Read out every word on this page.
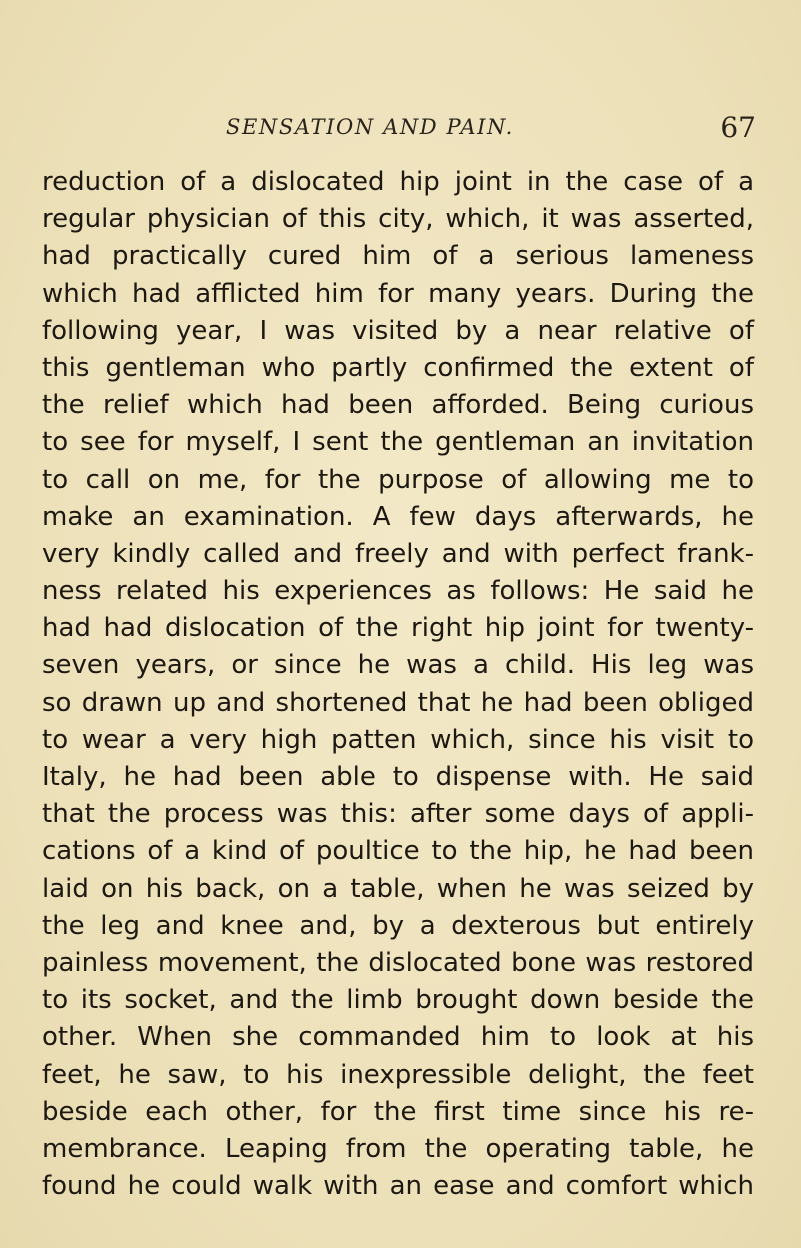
SENSATION AND PAIN.	67
reduction of a dislocated hip joint in the case of a
regular physician of this city, which, it was asserted,
had practically cured him of a serious lameness
which had afflicted him for many years. During the
following year, I was visited by a near relative of
this gentleman who partly confirmed the extent of
the relief which had been afforded. Being curious
to see for myself, I sent the gentleman an invitation
to call on me, for the purpose of allowing me to
make an examination. A few days afterwards, he
very kindly called and freely and with perfect frank-
ness related his experiences as follows: He said he
had had dislocation of the right hip joint for twenty-
seven years, or since he was a child. His leg was
so drawn up and shortened that he had been obliged
to wear a very high patten which, since his visit to
Italy, he had been able to dispense with. He said
that the process was this: after some days of appli-
cations of a kind of poultice to the hip, he had been
laid on his back, on a table, when he was seized by
the leg and knee and, by a dexterous but entirely
painless movement, the dislocated bone was restored
to its socket, and the limb brought down beside the
other. When she commanded him to look at his
feet, he saw, to his inexpressible delight, the feet
beside each other, for the first time since his re-
membrance. Leaping from the operating table, he
found he could walk with an ease and comfort which
